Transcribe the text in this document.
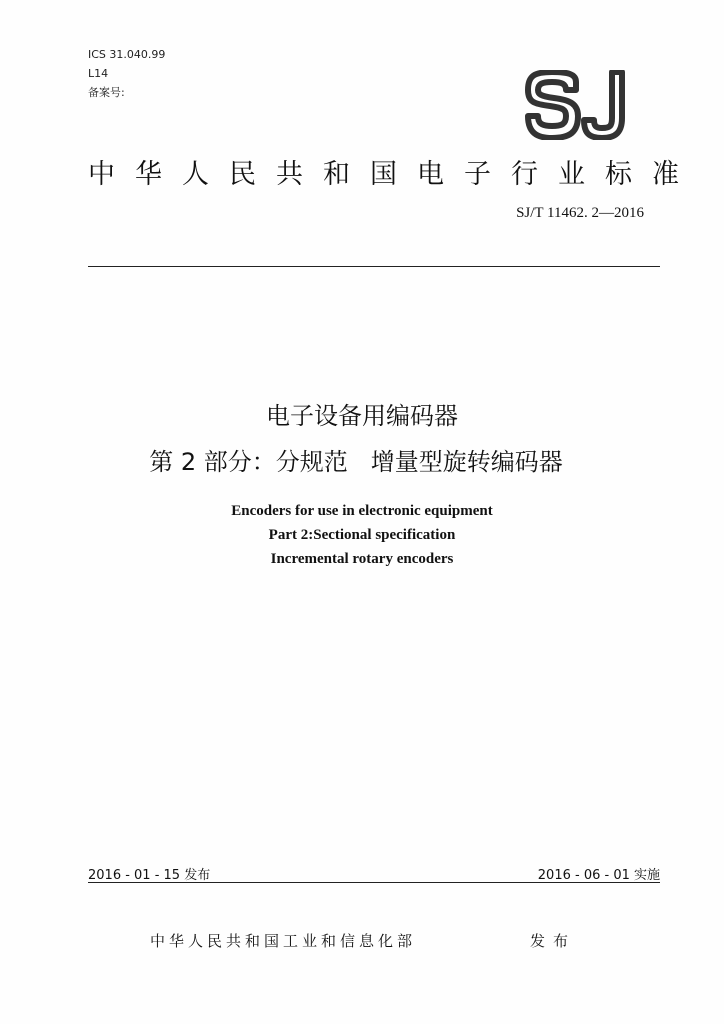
ICS 31.040.99
L14
备案号:
中华人民共和国电子行业标准
SJ/T 11462. 2—2016
电子设备用编码器
第 2 部分：分规范   增量型旋转编码器
Encoders for use in electronic equipment
Part 2:Sectional specification
Incremental rotary encoders
2016 - 01 - 15 发布	2016 - 06 - 01 实施
中华人民共和国工业和信息化部	发布
